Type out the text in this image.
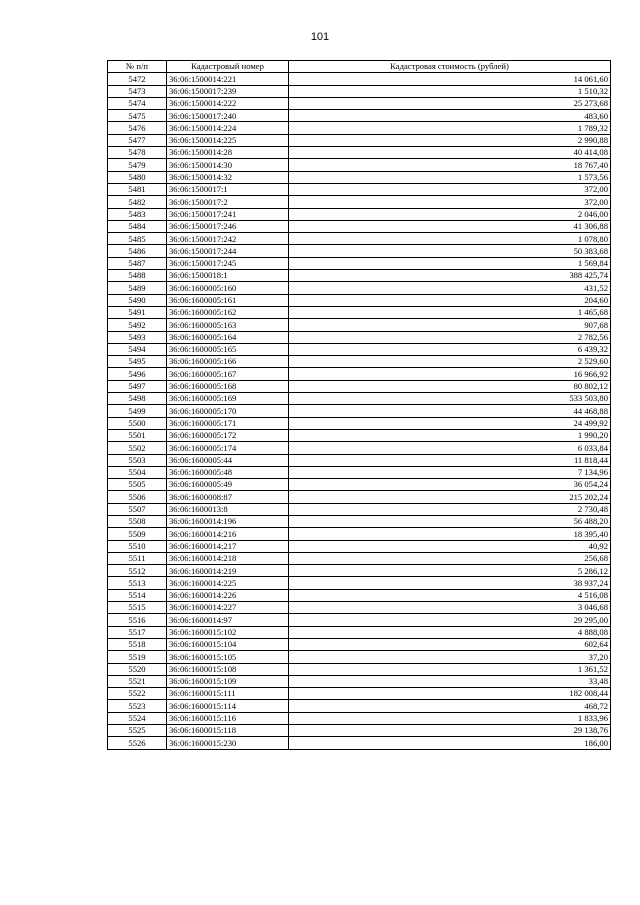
101
№ п/п	Кадастровый номер	Кадастровая стоимость (рублей)
5472	36:06:1500014:221	14 061,60
5473	36:06:1500017:239	1 510,32
5474	36:06:1500014:222	25 273,68
5475	36:06:1500017:240	483,60
5476	36:06:1500014:224	1 789,32
5477	36:06:1500014:225	2 990,88
5478	36:06:1500014:28	40 414,08
5479	36:06:1500014:30	18 767,40
5480	36:06:1500014:32	1 573,56
5481	36:06:1500017:1	372,00
5482	36:06:1500017:2	372,00
5483	36:06:1500017:241	2 046,00
5484	36:06:1500017:246	41 306,88
5485	36:06:1500017:242	1 078,80
5486	36:06:1500017:244	50 383,68
5487	36:06:1500017:245	1 569,84
5488	36:06:1500018:1	388 425,74
5489	36:06:1600005:160	431,52
5490	36:06:1600005:161	204,60
5491	36:06:1600005:162	1 465,68
5492	36:06:1600005:163	907,68
5493	36:06:1600005:164	2 782,56
5494	36:06:1600005:165	6 439,32
5495	36:06:1600005:166	2 529,60
5496	36:06:1600005:167	16 966,92
5497	36:06:1600005:168	80 802,12
5498	36:06:1600005:169	533 503,80
5499	36:06:1600005:170	44 468,88
5500	36:06:1600005:171	24 499,92
5501	36:06:1600005:172	1 990,20
5502	36:06:1600005:174	6 033,84
5503	36:06:1600005:44	11 818,44
5504	36:06:1600005:48	7 134,96
5505	36:06:1600005:49	36 054,24
5506	36:06:1600008:87	215 202,24
5507	36:06:1600013:8	2 730,48
5508	36:06:1600014:196	56 488,20
5509	36:06:1600014:216	18 395,40
5510	36:06:1600014:217	40,92
5511	36:06:1600014:218	256,68
5512	36:06:1600014:219	5 286,12
5513	36:06:1600014:225	38 937,24
5514	36:06:1600014:226	4 516,08
5515	36:06:1600014:227	3 046,68
5516	36:06:1600014:97	29 295,00
5517	36:06:1600015:102	4 888,08
5518	36:06:1600015:104	602,64
5519	36:06:1600015:105	37,20
5520	36:06:1600015:108	1 361,52
5521	36:06:1600015:109	33,48
5522	36:06:1600015:111	182 008,44
5523	36:06:1600015:114	468,72
5524	36:06:1600015:116	1 833,96
5525	36:06:1600015:118	29 138,76
5526	36:06:1600015:230	186,00
